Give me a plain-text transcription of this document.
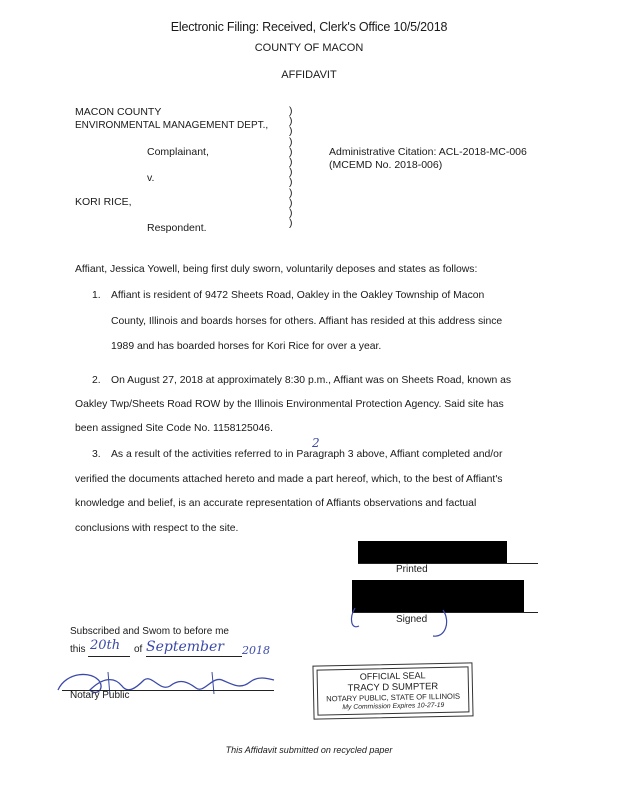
Electronic Filing: Received, Clerk's Office 10/5/2018
COUNTY OF MACON
AFFIDAVIT
MACON COUNTY
ENVIRONMENTAL MANAGEMENT DEPT.,
Complainant,
v.
KORI RICE,
Respondent.
)
)
)
)
)
)
)
)
)
)
)
)
Administrative Citation: ACL-2018-MC-006
(MCEMD No. 2018-006)
Affiant, Jessica Yowell, being first duly sworn, voluntarily deposes and states as follows:
1. Affiant is resident of 9472 Sheets Road, Oakley in the Oakley Township of Macon
County, Illinois and boards horses for others. Affiant has resided at this address since
1989 and has boarded horses for Kori Rice for over a year.
2. On August 27, 2018 at approximately 8:30 p.m., Affiant was on Sheets Road, known as
Oakley Twp/Sheets Road ROW by the Illinois Environmental Protection Agency. Said site has
been assigned Site Code No. 1158125046.
3. As a result of the activities referred to in Paragraph 3 above, Affiant completed and/or
2
verified the documents attached hereto and made a part hereof, which, to the best of Affiant's
knowledge and belief, is an accurate representation of Affiants observations and factual
conclusions with respect to the site.
Printed
Signed
Subscribed and Swom to before me
this 20th of September 2018
Notary Public
OFFICIAL SEAL
TRACY D SUMPTER
NOTARY PUBLIC, STATE OF ILLINOIS
My Commission Expires 10-27-19
This Affidavit submitted on recycled paper
